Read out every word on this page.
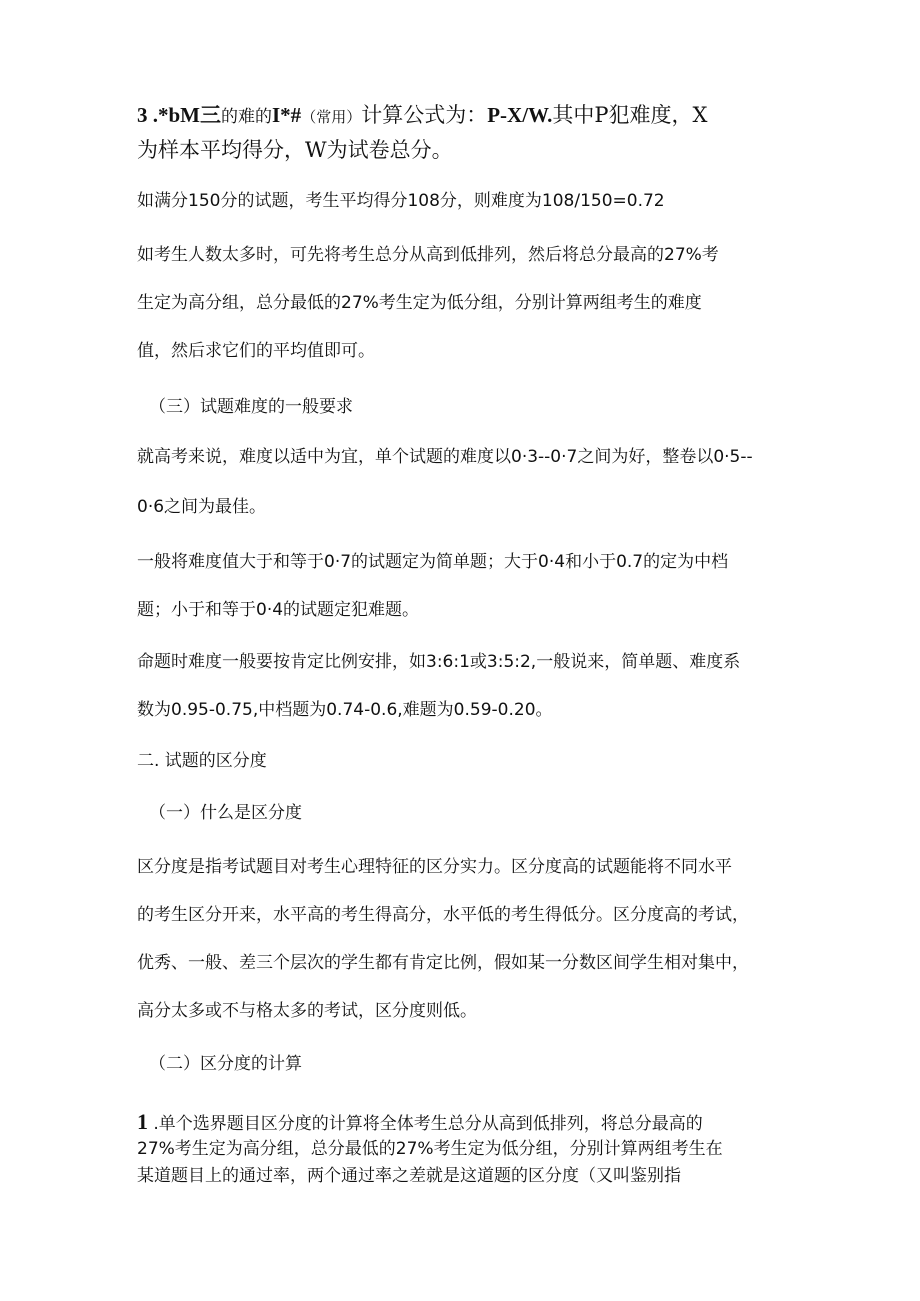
3 .*bM三的难的I*#（常用）计算公式为：P-X/W.其中P犯难度，X
为样本平均得分，W为试卷总分。
如满分150分的试题，考生平均得分108分，则难度为108/150=0.72
如考生人数太多时，可先将考生总分从高到低排列，然后将总分最高的27%考
生定为高分组，总分最低的27%考生定为低分组，分别计算两组考生的难度
值，然后求它们的平均值即可。
（三）试题难度的一般要求
就高考来说，难度以适中为宜，单个试题的难度以0·3--0·7之间为好，整卷以0·5--
0·6之间为最佳。
一般将难度值大于和等于0·7的试题定为简单题；大于0·4和小于0.7的定为中档
题；小于和等于0·4的试题定犯难题。
命题时难度一般要按肯定比例安排，如3:6:1或3:5:2,一般说来，简单题、难度系
数为0.95-0.75,中档题为0.74-0.6,难题为0.59-0.20。
二. 试题的区分度
（一）什么是区分度
区分度是指考试题目对考生心理特征的区分实力。区分度高的试题能将不同水平
的考生区分开来，水平高的考生得高分，水平低的考生得低分。区分度高的考试，
优秀、一般、差三个层次的学生都有肯定比例，假如某一分数区间学生相对集中，
高分太多或不与格太多的考试，区分度则低。
（二）区分度的计算
1 .单个选界题目区分度的计算将全体考生总分从高到低排列，将总分最高的
27%考生定为高分组，总分最低的27%考生定为低分组，分别计算两组考生在
某道题目上的通过率，两个通过率之差就是这道题的区分度（又叫鉴别指
